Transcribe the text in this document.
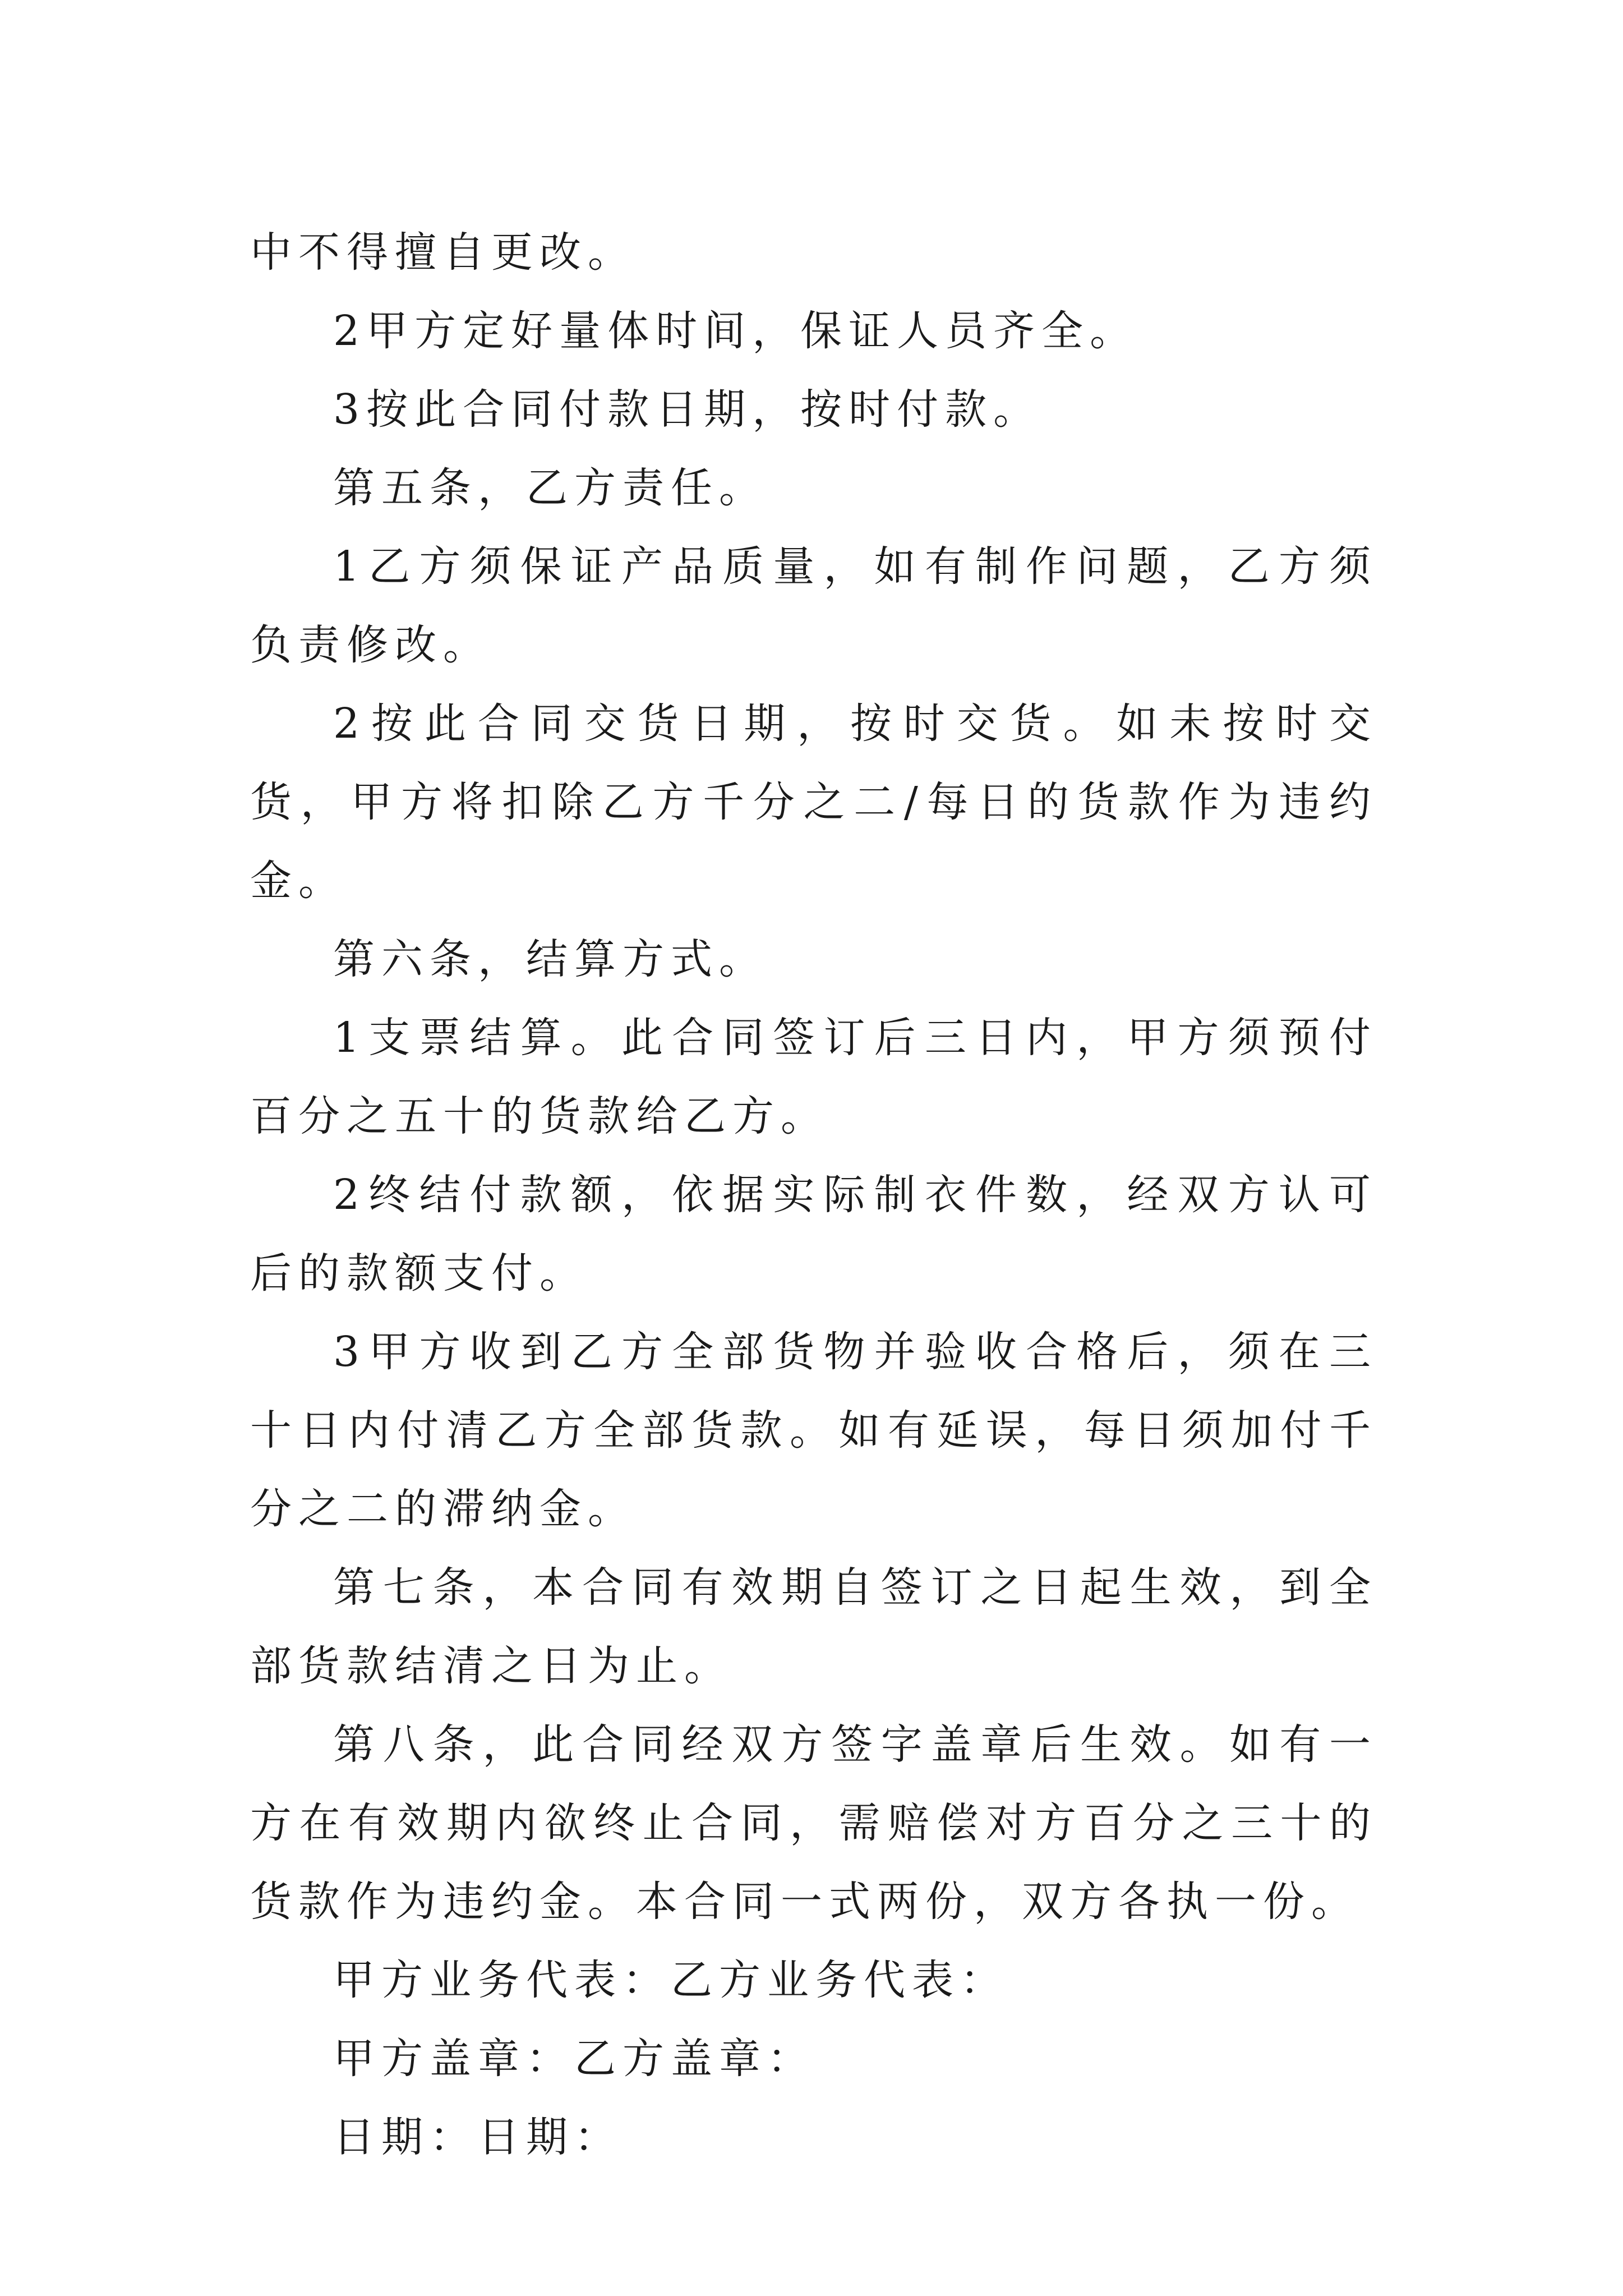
中不得擅自更改。

2甲方定好量体时间，保证人员齐全。

3按此合同付款日期，按时付款。

第五条，乙方责任。

1乙方须保证产品质量，如有制作问题，乙方须负责修改。

2按此合同交货日期，按时交货。如未按时交货，甲方将扣除乙方千分之二/每日的货款作为违约金。

第六条，结算方式。

1支票结算。此合同签订后三日内，甲方须预付百分之五十的货款给乙方。

2终结付款额，依据实际制衣件数，经双方认可后的款额支付。

3甲方收到乙方全部货物并验收合格后，须在三十日内付清乙方全部货款。如有延误，每日须加付千分之二的滞纳金。

第七条，本合同有效期自签订之日起生效，到全部货款结清之日为止。

第八条，此合同经双方签字盖章后生效。如有一方在有效期内欲终止合同，需赔偿对方百分之三十的货款作为违约金。本合同一式两份，双方各执一份。

甲方业务代表：乙方业务代表：

甲方盖章：乙方盖章：

日期：日期：
